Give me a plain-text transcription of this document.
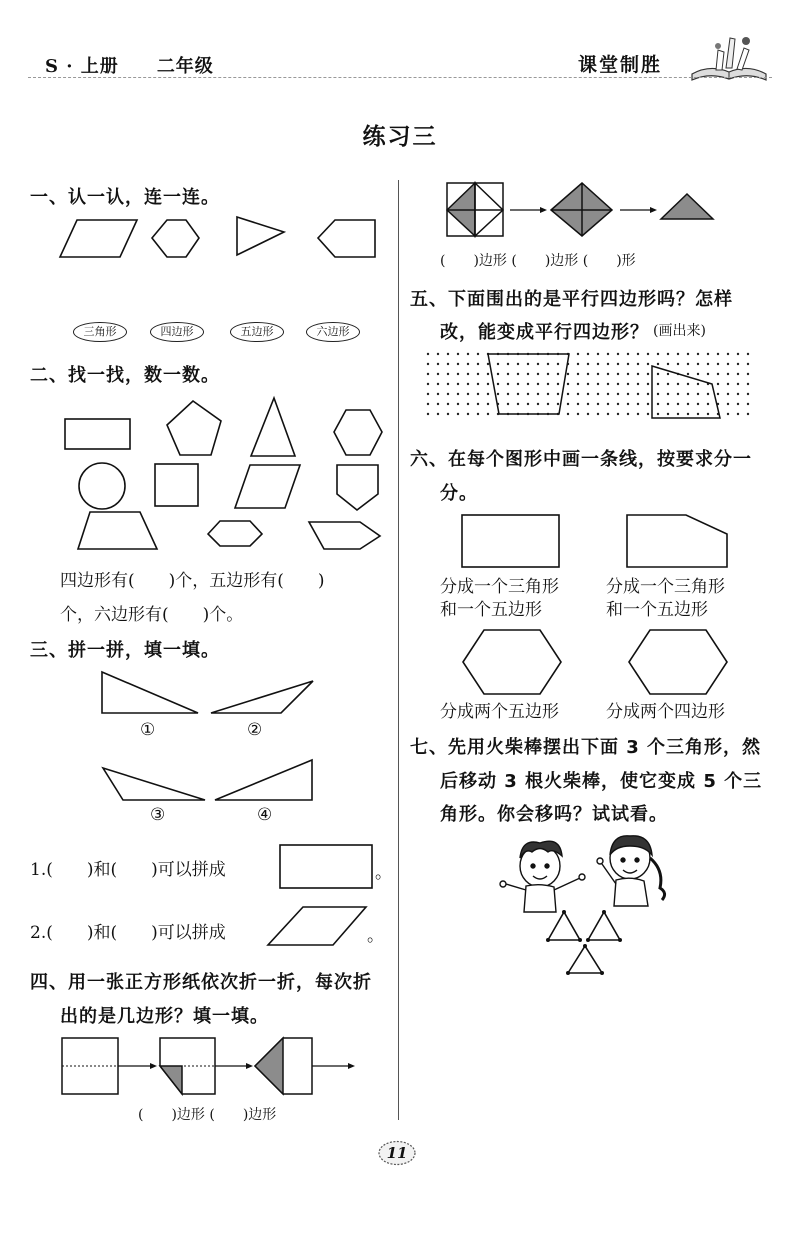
S · 上册 二年级	课堂制胜
练习三
一、认一认，连一连。
三角形	四边形	五边形	六边形
二、找一找，数一数。
四边形有(　　)个，五边形有(　　)
个，六边形有(　　)个。
三、拼一拼，填一填。
①	②
③	④
1.(　　)和(　　)可以拼成	。
2.(　　)和(　　)可以拼成	。
四、用一张正方形纸依次折一折，每次折
出的是几边形？填一填。
(　　)边形 (　　)边形
(　　)边形 (　　)边形 (　　)形
五、下面围出的是平行四边形吗？怎样
改，能变成平行四边形？ (画出来)
六、在每个图形中画一条线，按要求分一
分。
分成一个三角形
和一个五边形
分成一个三角形
和一个五边形
分成两个五边形	分成两个四边形
七、先用火柴棒摆出下面 3 个三角形，然
后移动 3 根火柴棒，使它变成 5 个三
角形。你会移吗？试试看。
11
